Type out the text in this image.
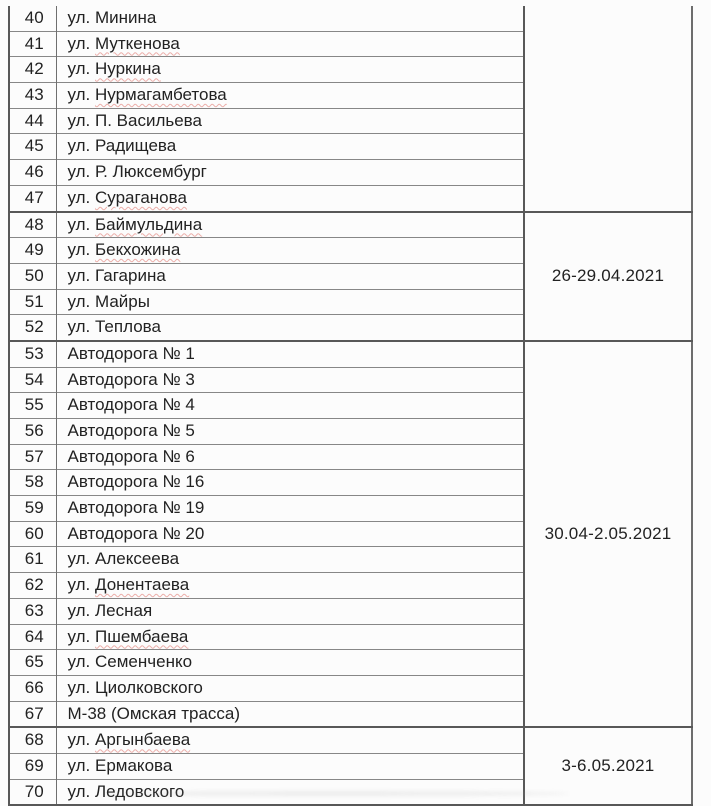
40	ул. Минина	
41	ул. Муткенова	
42	ул. Нуркина	
43	ул. Нурмагамбетова	
44	ул. П. Васильева	
45	ул. Радищева	
46	ул. Р. Люксембург	
47	ул. Сураганова	
48	ул. Баймульдина	26-29.04.2021
49	ул. Бекхожина	
50	ул. Гагарина	
51	ул. Майры	
52	ул. Теплова	
53	Автодорога № 1	30.04-2.05.2021
54	Автодорога № 3	
55	Автодорога № 4	
56	Автодорога № 5	
57	Автодорога № 6	
58	Автодорога № 16	
59	Автодорога № 19	
60	Автодорога № 20	
61	ул. Алексеева	
62	ул. Донентаева	
63	ул. Лесная	
64	ул. Пшембаева	
65	ул. Семенченко	
66	ул. Циолковского	
67	М-38 (Омская трасса)	
68	ул. Аргынбаева	3-6.05.2021
69	ул. Ермакова	
70	ул. Ледовского	
